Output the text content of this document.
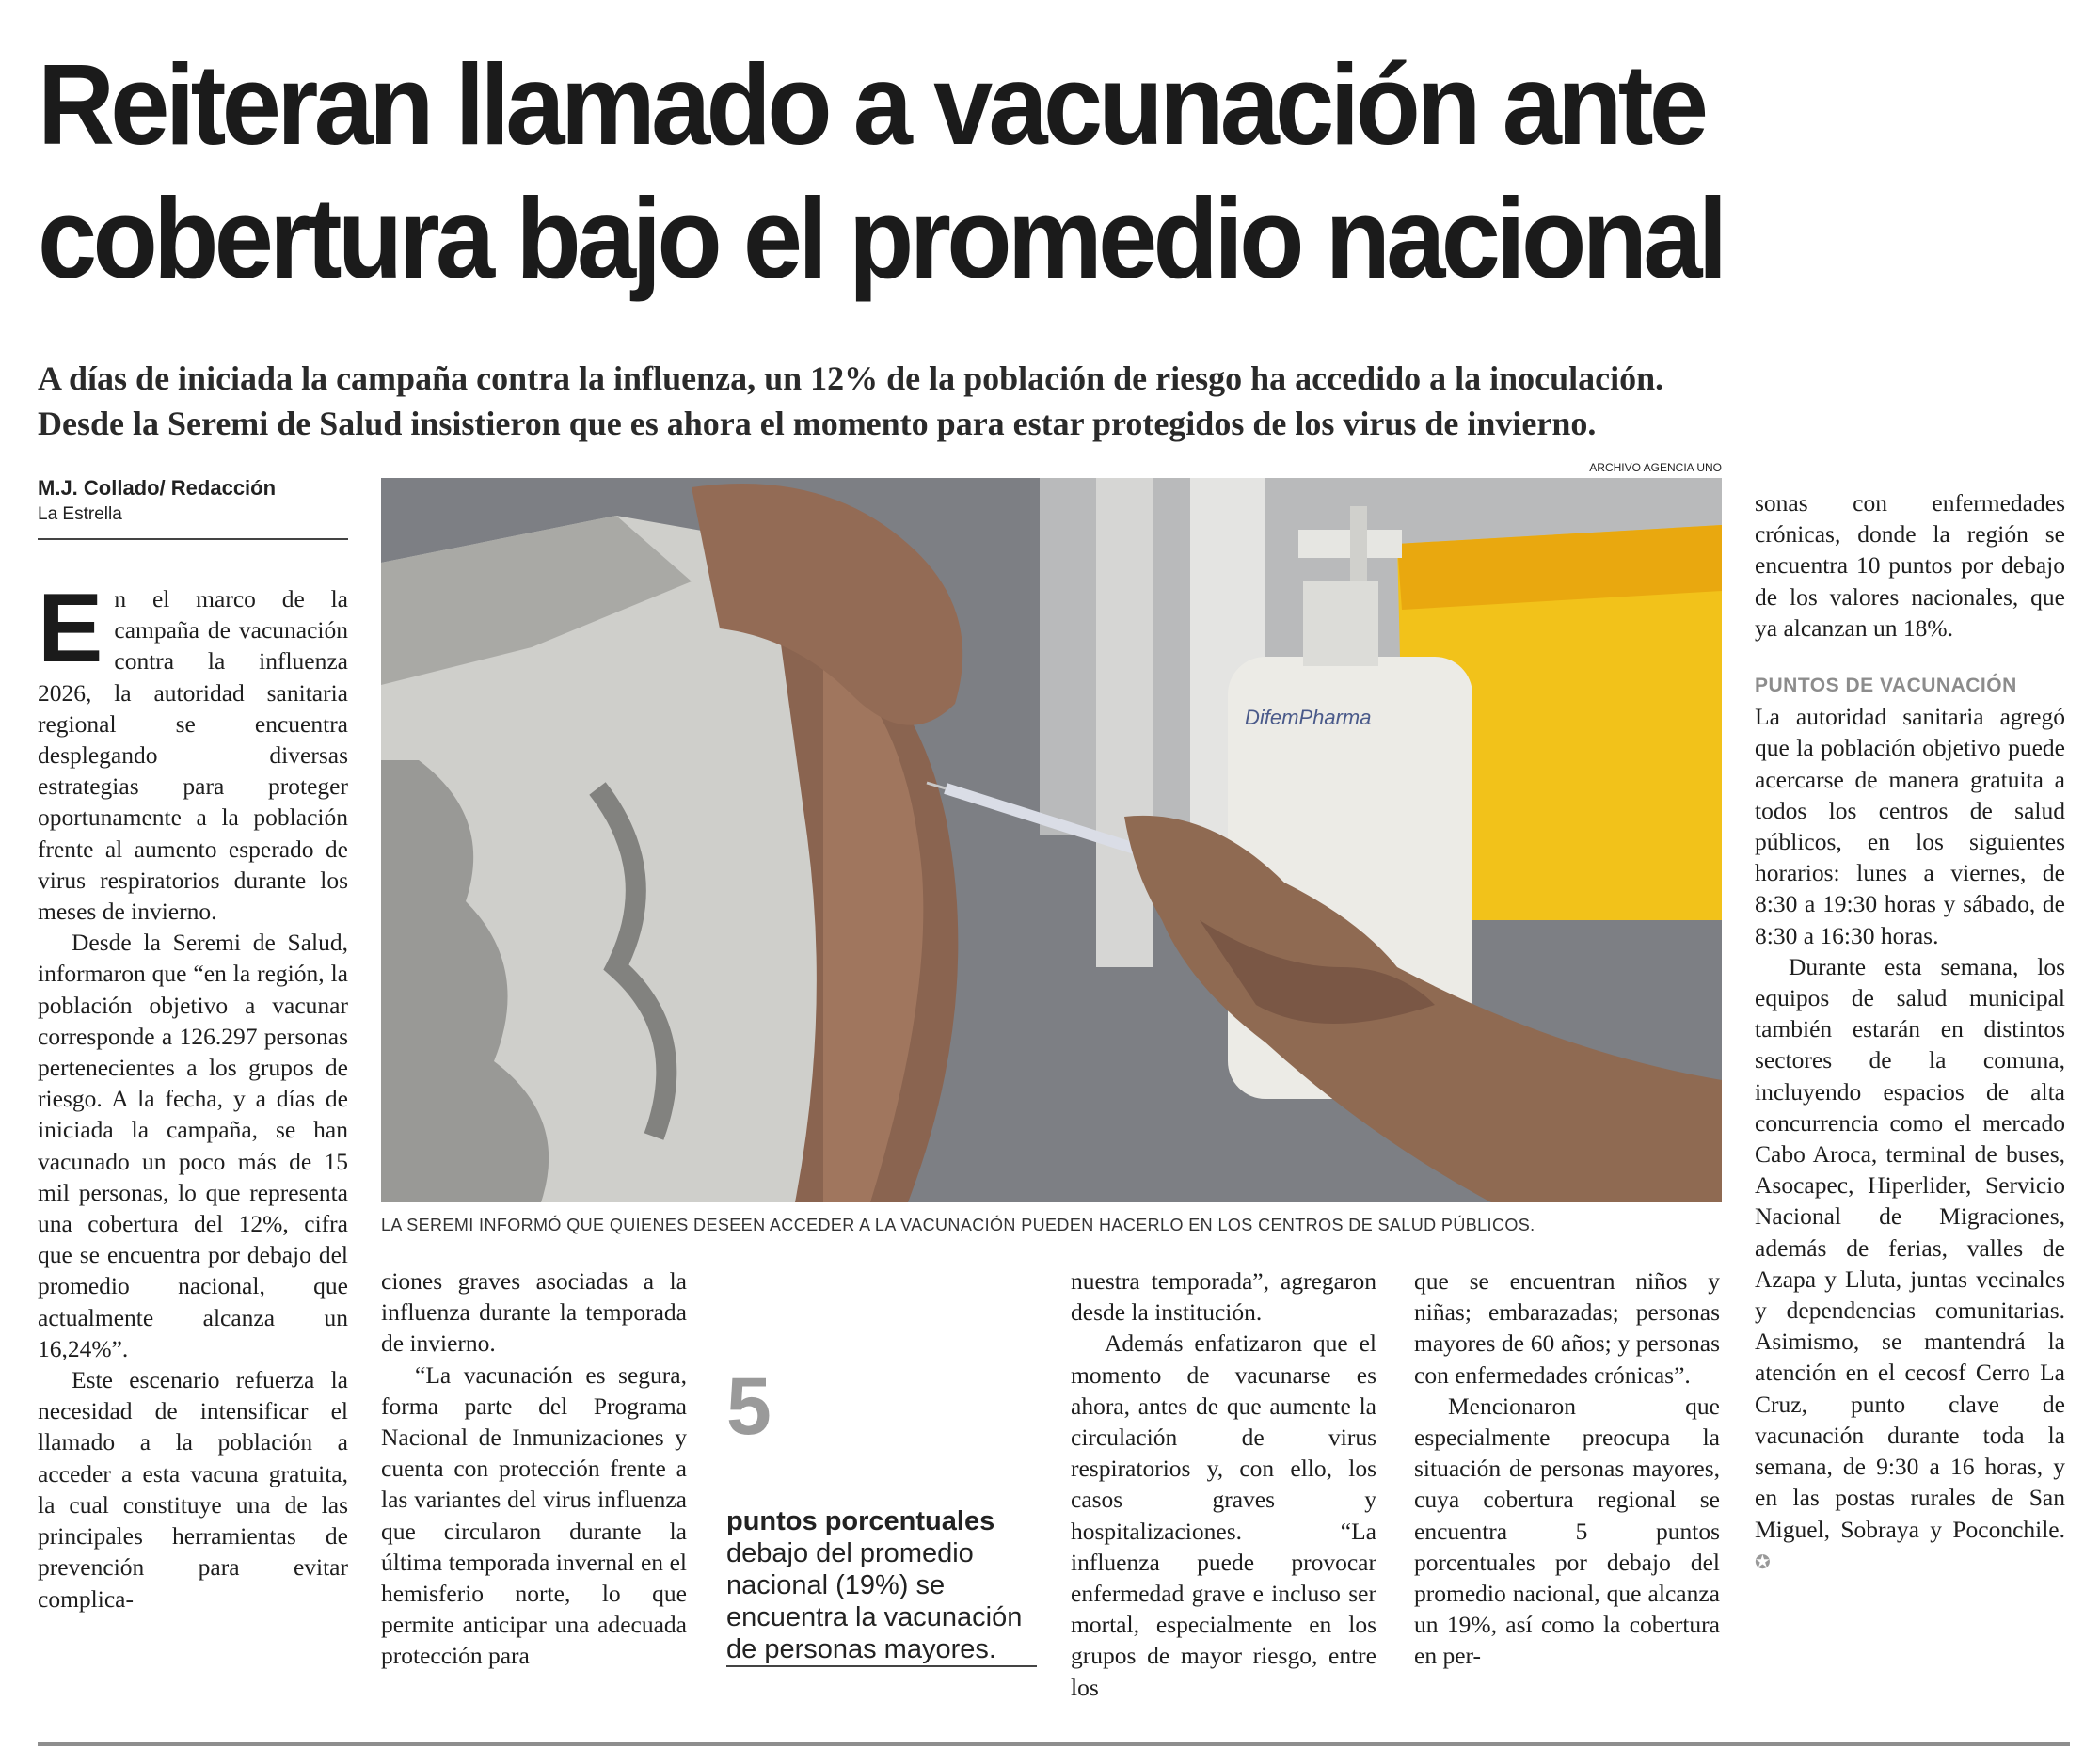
Reiteran llamado a vacunación ante
cobertura bajo el promedio nacional
A días de iniciada la campaña contra la influenza, un 12% de la población de riesgo ha accedido a la inoculación.
Desde la Seremi de Salud insistieron que es ahora el momento para estar protegidos de los virus de invierno.
M.J. Collado/ Redacción
La Estrella
ARCHIVO AGENCIA UNO
DifemPharma
LA SEREMI INFORMÓ QUE QUIENES DESEEN ACCEDER A LA VACUNACIÓN PUEDEN HACERLO EN LOS CENTROS DE SALUD PÚBLICOS.

En el marco de la campaña de vacunación contra la influenza 2026, la autoridad sanitaria regional se encuentra desplegando diversas estrategias para proteger oportunamente a la población frente al aumento esperado de virus respiratorios durante los meses de invierno.

Desde la Seremi de Salud, informaron que “en la región, la población objetivo a vacunar corresponde a 126.297 personas pertenecientes a los grupos de riesgo. A la fecha, y a días de iniciada la campaña, se han vacunado un poco más de 15 mil personas, lo que representa una cobertura del 12%, cifra que se encuentra por debajo del promedio nacional, que actualmente alcanza un 16,24%”.

Este escenario refuerza la necesidad de intensificar el llamado a la población a acceder a esta vacuna gratuita, la cual constituye una de las principales herramientas de prevención para evitar complica-

ciones graves asociadas a la influenza durante la temporada de invierno.

“La vacunación es segura, forma parte del Programa Nacional de Inmunizaciones y cuenta con protección frente a las variantes del virus influenza que circularon durante la última temporada invernal en el hemisferio norte, lo que permite anticipar una adecuada protección para

5
puntos porcentuales
debajo del promedio nacional (19%) se encuentra la vacunación de personas mayores.

nuestra temporada”, agregaron desde la institución.

Además enfatizaron que el momento de vacunarse es ahora, antes de que aumente la circulación de virus respiratorios y, con ello, los casos graves y hospitalizaciones. “La influenza puede provocar enfermedad grave e incluso ser mortal, especialmente en los grupos de mayor riesgo, entre los

que se encuentran niños y niñas; embarazadas; personas mayores de 60 años; y personas con enfermedades crónicas”.

Mencionaron que especialmente preocupa la situación de personas mayores, cuya cobertura regional se encuentra 5 puntos porcentuales por debajo del promedio nacional, que alcanza un 19%, así como la cobertura en per-

sonas con enfermedades crónicas, donde la región se encuentra 10 puntos por debajo de los valores nacionales, que ya alcanzan un 18%.

PUNTOS DE VACUNACIÓN

La autoridad sanitaria agregó que la población objetivo puede acercarse de manera gratuita a todos los centros de salud públicos, en los siguientes horarios: lunes a viernes, de 8:30 a 19:30 horas y sábado, de 8:30 a 16:30 horas.

Durante esta semana, los equipos de salud municipal también estarán en distintos sectores de la comuna, incluyendo espacios de alta concurrencia como el mercado Cabo Aroca, terminal de buses, Asocapec, Hiperlider, Servicio Nacional de Migraciones, además de ferias, valles de Azapa y Lluta, juntas vecinales y dependencias comunitarias. Asimismo, se mantendrá la atención en el cecosf Cerro La Cruz, punto clave de vacunación durante toda la semana, de 9:30 a 16 horas, y en las postas rurales de San Miguel, Sobraya y Poconchile. ✪
